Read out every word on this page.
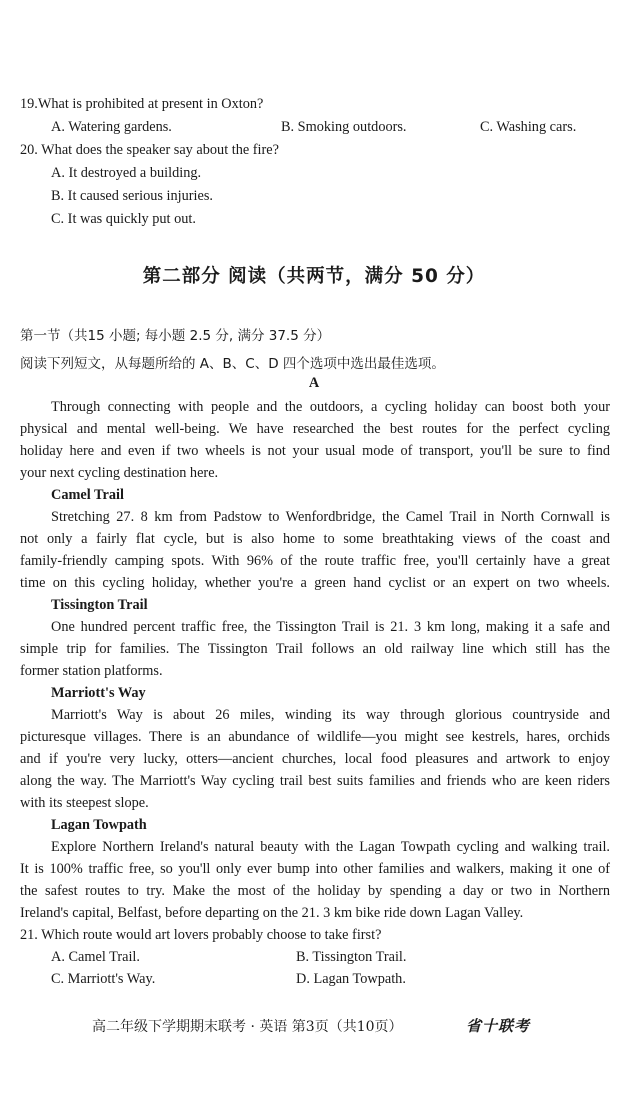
19.What is prohibited at present in Oxton?
A. Watering gardens.	B. Smoking outdoors.	C. Washing cars.
20. What does the speaker say about the fire?
A. It destroyed a building.
B. It caused serious injuries.
C. It was quickly put out.
第二部分 阅读（共两节，满分 50 分）
第一节（共15 小题; 每小题 2.5 分, 满分 37.5 分）
阅读下列短文，从每题所给的 A、B、C、D 四个选项中选出最佳选项。
A
Through connecting with people and the outdoors, a cycling holiday can boost both your
physical and mental well-being. We have researched the best routes for the perfect cycling
holiday here and even if two wheels is not your usual mode of transport, you'll be sure to find
your next cycling destination here.
Camel Trail
Stretching 27. 8 km from Padstow to Wenfordbridge, the Camel Trail in North Cornwall is
not only a fairly flat cycle, but is also home to some breathtaking views of the coast and
family-friendly camping spots. With 96% of the route traffic free, you'll certainly have a great
time on this cycling holiday, whether you're a green hand cyclist or an expert on two wheels.
Tissington Trail
One hundred percent traffic free, the Tissington Trail is 21. 3 km long, making it a safe and
simple trip for families. The Tissington Trail follows an old railway line which still has the
former station platforms.
Marriott's Way
Marriott's Way is about 26 miles, winding its way through glorious countryside and
picturesque villages. There is an abundance of wildlife—you might see kestrels, hares, orchids
and if you're very lucky, otters—ancient churches, local food pleasures and artwork to enjoy
along the way. The Marriott's Way cycling trail best suits families and friends who are keen riders
with its steepest slope.
Lagan Towpath
Explore Northern Ireland's natural beauty with the Lagan Towpath cycling and walking trail.
It is 100% traffic free, so you'll only ever bump into other families and walkers, making it one of
the safest routes to try. Make the most of the holiday by spending a day or two in Northern
Ireland's capital, Belfast, before departing on the 21. 3 km bike ride down Lagan Valley.
21. Which route would art lovers probably choose to take first?
A. Camel Trail.	B. Tissington Trail.
C. Marriott's Way.	D. Lagan Towpath.
高二年级下学期期末联考 · 英语 第3页（共10页）	省十联考
